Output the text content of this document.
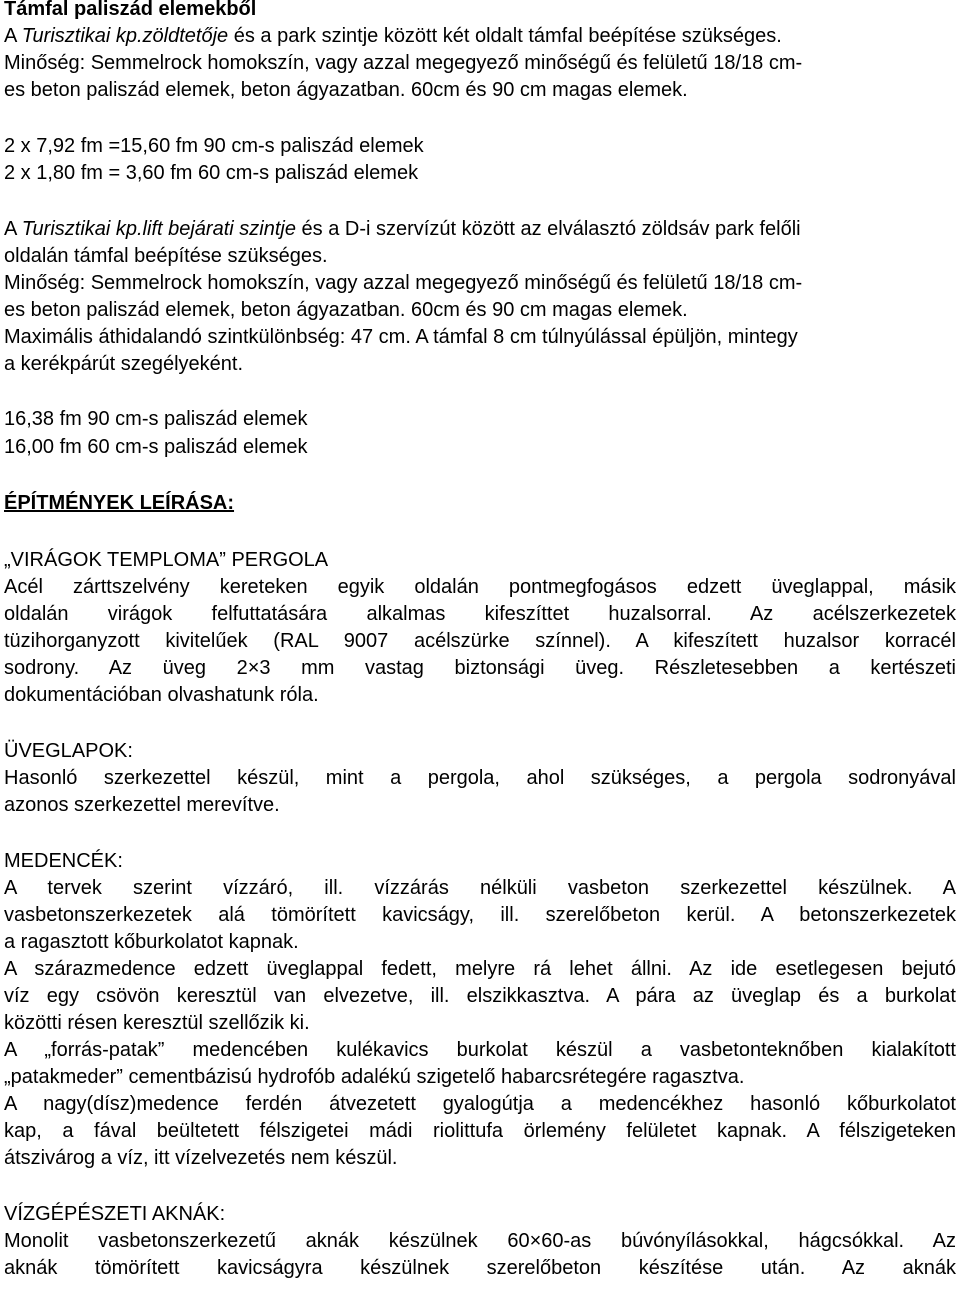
Támfal paliszád elemekből
A Turisztikai kp.zöldtetője és a park szintje között két oldalt támfal beépítése szükséges.
Minőség: Semmelrock homokszín, vagy azzal megegyező minőségű és felületű 18/18 cm-
es beton paliszád elemek, beton ágyazatban. 60cm és 90 cm magas elemek.
2 x 7,92 fm =15,60 fm 90 cm-s paliszád elemek
2 x 1,80 fm = 3,60 fm 60 cm-s paliszád elemek
A Turisztikai kp.lift bejárati szintje és a D-i szervízút között az elválasztó zöldsáv park felőli
oldalán támfal beépítése szükséges.
Minőség: Semmelrock homokszín, vagy azzal megegyező minőségű és felületű 18/18 cm-
es beton paliszád elemek, beton ágyazatban. 60cm és 90 cm magas elemek.
Maximális áthidalandó szintkülönbség: 47 cm. A támfal 8 cm túlnyúlással épüljön, mintegy
a kerékpárút szegélyeként.
16,38 fm 90 cm-s paliszád elemek
16,00 fm 60 cm-s paliszád elemek
ÉPÍTMÉNYEK LEÍRÁSA:
„VIRÁGOK TEMPLOMA” PERGOLA
Acél zárttszelvény kereteken egyik oldalán pontmegfogásos edzett üveglappal, másik
oldalán virágok felfuttatására alkalmas kifeszíttet huzalsorral. Az acélszerkezetek
tüzihorganyzott kivitelűek (RAL 9007 acélszürke színnel). A kifeszített huzalsor korracél
sodrony. Az üveg 2×3 mm vastag biztonsági üveg. Részletesebben a kertészeti
dokumentációban olvashatunk róla.
ÜVEGLAPOK:
Hasonló szerkezettel készül, mint a pergola, ahol szükséges, a pergola sodronyával
azonos szerkezettel merevítve.
MEDENCÉK:
A tervek szerint vízzáró, ill. vízzárás nélküli vasbeton szerkezettel készülnek. A
vasbetonszerkezetek alá tömörített kavicságy, ill. szerelőbeton kerül. A betonszerkezetek
a ragasztott kőburkolatot kapnak.
A szárazmedence edzett üveglappal fedett, melyre rá lehet állni. Az ide esetlegesen bejutó
víz egy csövön keresztül van elvezetve, ill. elszikkasztva. A pára az üveglap és a burkolat
közötti résen keresztül szellőzik ki.
A „forrás-patak” medencében kulékavics burkolat készül a vasbetonteknőben kialakított
„patakmeder” cementbázisú hydrofób adalékú szigetelő habarcsrétegére ragasztva.
A nagy(dísz)medence ferdén átvezetett gyalogútja a medencékhez hasonló kőburkolatot
kap, a fával beültetett félszigetei mádi riolittufa örlemény felületet kapnak. A félszigeteken
átszivárog a víz, itt vízelvezetés nem készül.
VÍZGÉPÉSZETI AKNÁK:
Monolit vasbetonszerkezetű aknák készülnek 60×60-as búvónyílásokkal, hágcsókkal. Az
aknák tömörített kavicságyra készülnek szerelőbeton készítése után. Az aknák
